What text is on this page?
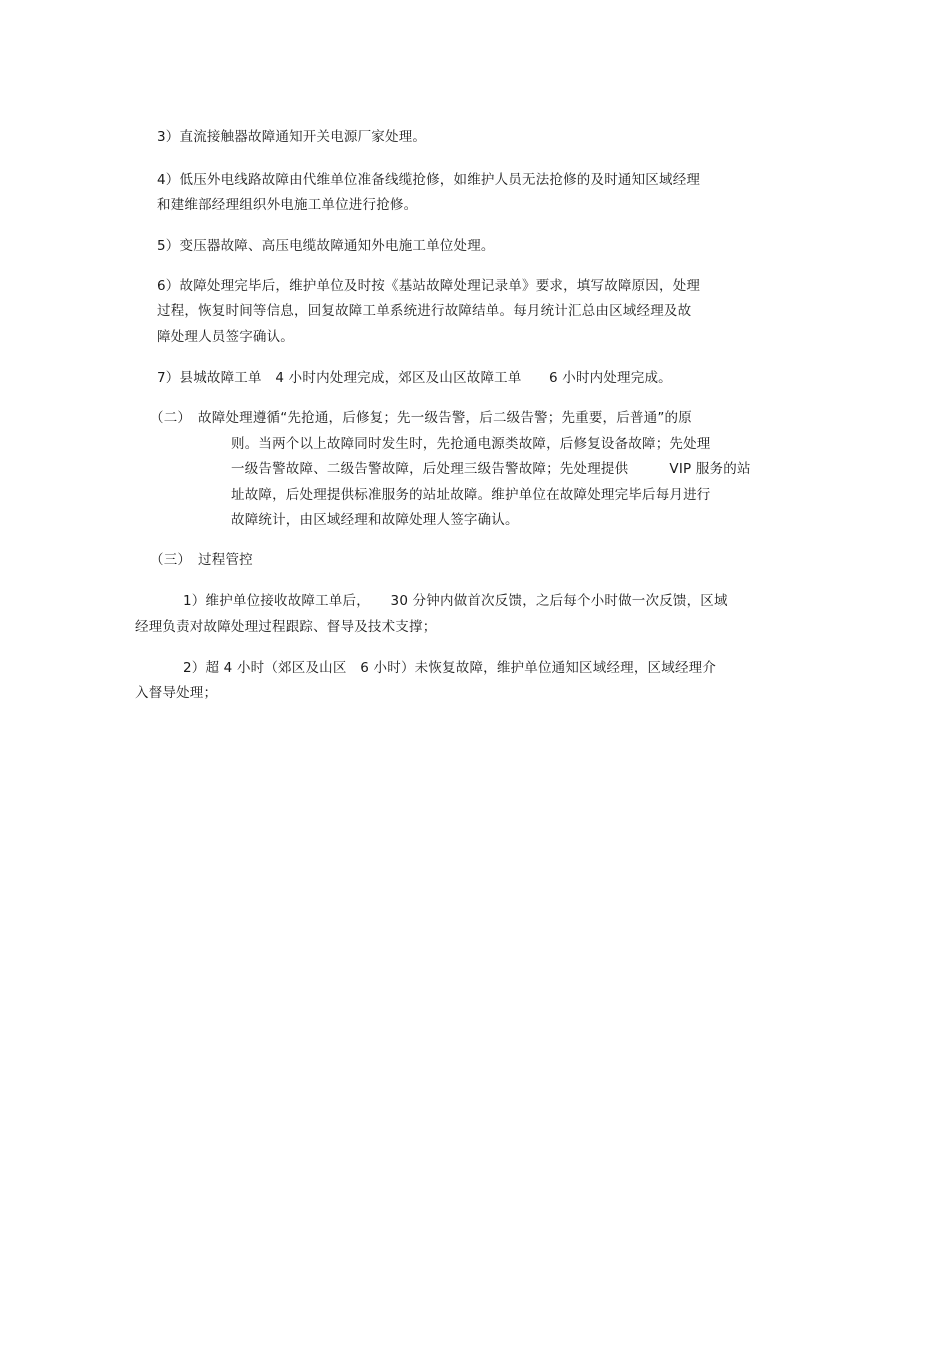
3）直流接触器故障通知开关电源厂家处理。
4）低压外电线路故障由代维单位准备线缆抢修，如维护人员无法抢修的及时通知区域经理
和建维部经理组织外电施工单位进行抢修。
5）变压器故障、高压电缆故障通知外电施工单位处理。
6）故障处理完毕后，维护单位及时按《基站故障处理记录单》要求，填写故障原因，处理
过程，恢复时间等信息，回复故障工单系统进行故障结单。每月统计汇总由区域经理及故
障处理人员签字确认。
7）县城故障工单　4 小时内处理完成，郊区及山区故障工单　　6 小时内处理完成。
（二）　故障处理遵循“先抢通，后修复；先一级告警，后二级告警；先重要，后普通”的原
则。当两个以上故障同时发生时，先抢通电源类故障，后修复设备故障；先处理
一级告警故障、二级告警故障，后处理三级告警故障；先处理提供　　　VIP 服务的站
址故障，后处理提供标准服务的站址故障。维护单位在故障处理完毕后每月进行
故障统计，由区域经理和故障处理人签字确认。
（三）　过程管控
1）维护单位接收故障工单后，　　30 分钟内做首次反馈，之后每个小时做一次反馈，区域
经理负责对故障处理过程跟踪、督导及技术支撑；
2）超 4 小时（郊区及山区　6 小时）未恢复故障，维护单位通知区域经理，区域经理介
入督导处理；
